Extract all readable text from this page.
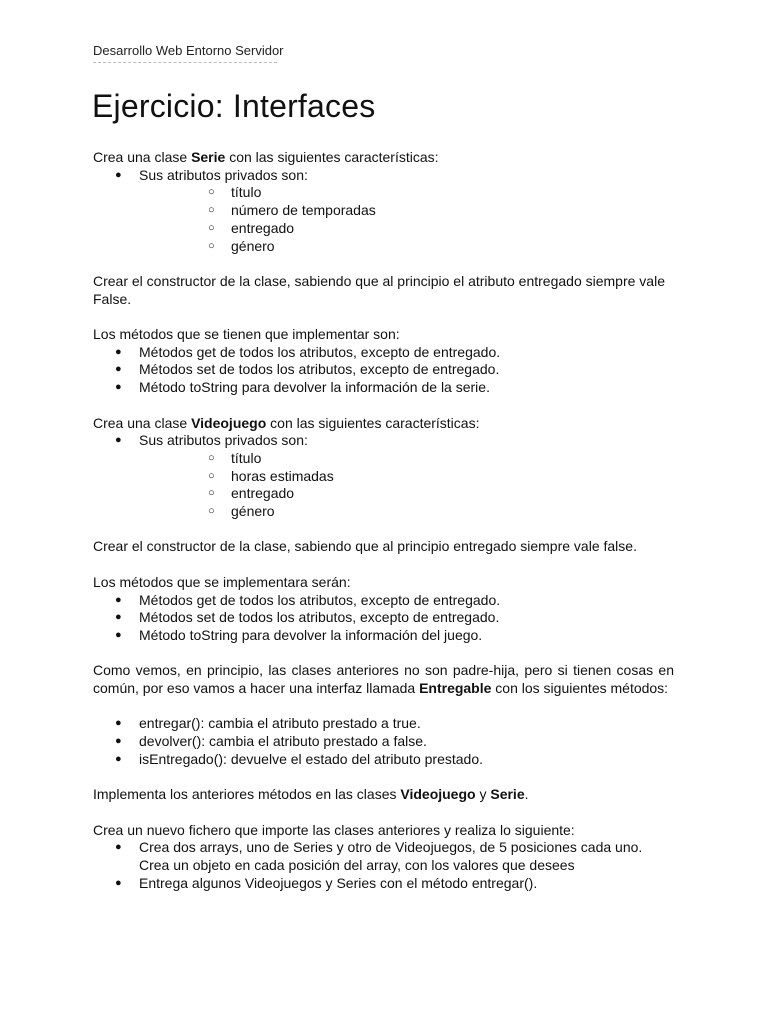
Desarrollo Web Entorno Servidor
Ejercicio: Interfaces

Crea una clase Serie con las siguientes características:

● Sus atributos privados son:
○ título
○ número de temporadas
○ entregado
○ género

Crear el constructor de la clase, sabiendo que al principio el atributo entregado siempre vale False.

Los métodos que se tienen que implementar son:

● Métodos get de todos los atributos, excepto de entregado.
● Métodos set de todos los atributos, excepto de entregado.
● Método toString para devolver la información de la serie.

Crea una clase Videojuego con las siguientes características:

● Sus atributos privados son:
○ título
○ horas estimadas
○ entregado
○ género

Crear el constructor de la clase, sabiendo que al principio entregado siempre vale false.

Los métodos que se implementara serán:

● Métodos get de todos los atributos, excepto de entregado.
● Métodos set de todos los atributos, excepto de entregado.
● Método toString para devolver la información del juego.

Como vemos, en principio, las clases anteriores no son padre-hija, pero si tienen cosas en común, por eso vamos a hacer una interfaz llamada Entregable con los siguientes métodos:

● entregar(): cambia el atributo prestado a true.
● devolver(): cambia el atributo prestado a false.
● isEntregado(): devuelve el estado del atributo prestado.

Implementa los anteriores métodos en las clases Videojuego y Serie.

Crea un nuevo fichero que importe las clases anteriores y realiza lo siguiente:

● Crea dos arrays, uno de Series y otro de Videojuegos, de 5 posiciones cada uno. Crea un objeto en cada posición del array, con los valores que desees
● Entrega algunos Videojuegos y Series con el método entregar().
